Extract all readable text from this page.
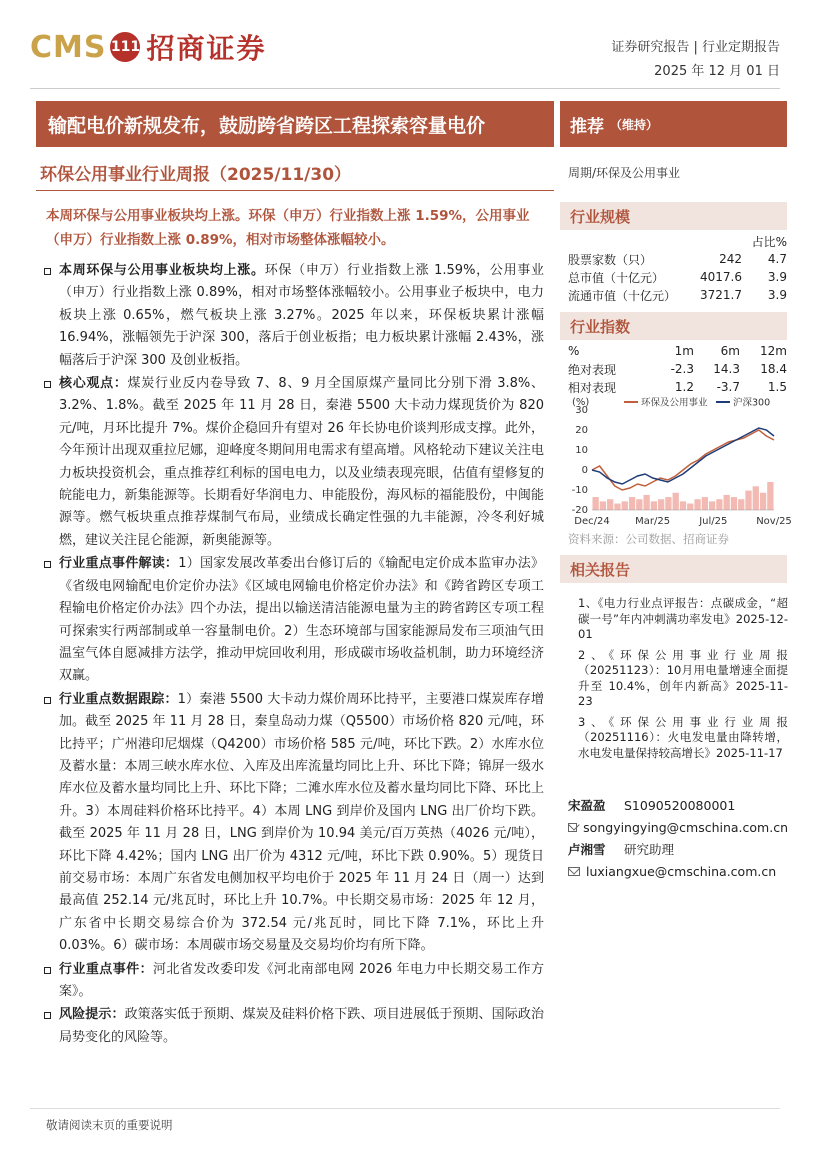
CMS 111 招商证券	证券研究报告 | 行业定期报告
2025 年 12 月 01 日
输配电价新规发布，鼓励跨省跨区工程探索容量电价	推荐 （维持）
环保公用事业行业周报（2025/11/30）	周期/环保及公用事业
本周环保与公用事业板块均上涨。环保（申万）行业指数上涨 1.59%，公用事业（申万）行业指数上涨 0.89%，相对市场整体涨幅较小。
本周环保与公用事业板块均上涨。环保（申万）行业指数上涨 1.59%，公用事业（申万）行业指数上涨 0.89%，相对市场整体涨幅较小。公用事业子板块中，电力板块上涨 0.65%，燃气板块上涨 3.27%。2025 年以来，环保板块累计涨幅 16.94%，涨幅领先于沪深 300，落后于创业板指；电力板块累计涨幅 2.43%，涨幅落后于沪深 300 及创业板指。
核心观点：煤炭行业反内卷导致 7、8、9 月全国原煤产量同比分别下滑 3.8%、3.2%、1.8%。截至 2025 年 11 月 28 日，秦港 5500 大卡动力煤现货价为 820 元/吨，月环比提升 7%。煤价企稳回升有望对 26 年长协电价谈判形成支撑。此外，今年预计出现双重拉尼娜，迎峰度冬期间用电需求有望高增。风格轮动下建议关注电力板块投资机会，重点推荐红利标的国电电力，以及业绩表现亮眼，估值有望修复的皖能电力，新集能源等。长期看好华润电力、申能股份，海风标的福能股份，中闽能源等。燃气板块重点推荐煤制气布局，业绩成长确定性强的九丰能源，冷冬利好城燃，建议关注昆仑能源，新奥能源等。
行业重点事件解读：1）国家发展改革委出台修订后的《输配电定价成本监审办法》《省级电网输配电价定价办法》《区域电网输电价格定价办法》和《跨省跨区专项工程输电价格定价办法》四个办法，提出以输送清洁能源电量为主的跨省跨区专项工程可探索实行两部制或单一容量制电价。2）生态环境部与国家能源局发布三项油气田温室气体自愿减排方法学，推动甲烷回收利用，形成碳市场收益机制，助力环境经济双赢。
行业重点数据跟踪：1）秦港 5500 大卡动力煤价周环比持平，主要港口煤炭库存增加。截至 2025 年 11 月 28 日，秦皇岛动力煤（Q5500）市场价格 820 元/吨，环比持平；广州港印尼烟煤（Q4200）市场价格 585 元/吨，环比下跌。2）水库水位及蓄水量：本周三峡水库水位、入库及出库流量均同比上升、环比下降；锦屏一级水库水位及蓄水量均同比上升、环比下降；二滩水库水位及蓄水量均同比下降、环比上升。3）本周硅料价格环比持平。4）本周 LNG 到岸价及国内 LNG 出厂价均下跌。截至 2025 年 11 月 28 日，LNG 到岸价为 10.94 美元/百万英热（4026 元/吨），环比下降 4.42%；国内 LNG 出厂价为 4312 元/吨，环比下跌 0.90%。5）现货日前交易市场：本周广东省发电侧加权平均电价于 2025 年 11 月 24 日（周一）达到最高值 252.14 元/兆瓦时，环比上升 10.7%。中长期交易市场：2025 年 12 月，广东省中长期交易综合价为 372.54 元/兆瓦时，同比下降 7.1%，环比上升 0.03%。6）碳市场：本周碳市场交易量及交易均价均有所下降。
行业重点事件：河北省发改委印发《河北南部电网 2026 年电力中长期交易工作方案》。
风险提示：政策落实低于预期、煤炭及硅料价格下跌、项目进展低于预期、国际政治局势变化的风险等。
行业规模
		占比%
股票家数（只）	242	4.7
总市值（十亿元）	4017.6	3.9
流通市值（十亿元）	3721.7	3.9
行业指数
%	1m	6m	12m
绝对表现	-2.3	14.3	18.4
相对表现	1.2	-3.7	1.5
(%)
30
20
10
0
-10
-20
环保及公用事业	沪深300
Dec/24	Mar/25	Jul/25	Nov/25
资料来源：公司数据、招商证券
相关报告
1、《电力行业点评报告：点碳成金，“超碳一号”年内冲刺满功率发电》2025-12-01
2、《环保公用事业行业周报（20251123）：10月用电量增速全面提升至 10.4%，创年内新高》2025-11-23
3、《环保公用事业行业周报（20251116）：火电发电量由降转增，水电发电量保持较高增长》2025-11-17
宋盈盈	S1090520080001
songyingying@cmschina.com.cn
卢湘雪	研究助理
luxiangxue@cmschina.com.cn
敬请阅读末页的重要说明
